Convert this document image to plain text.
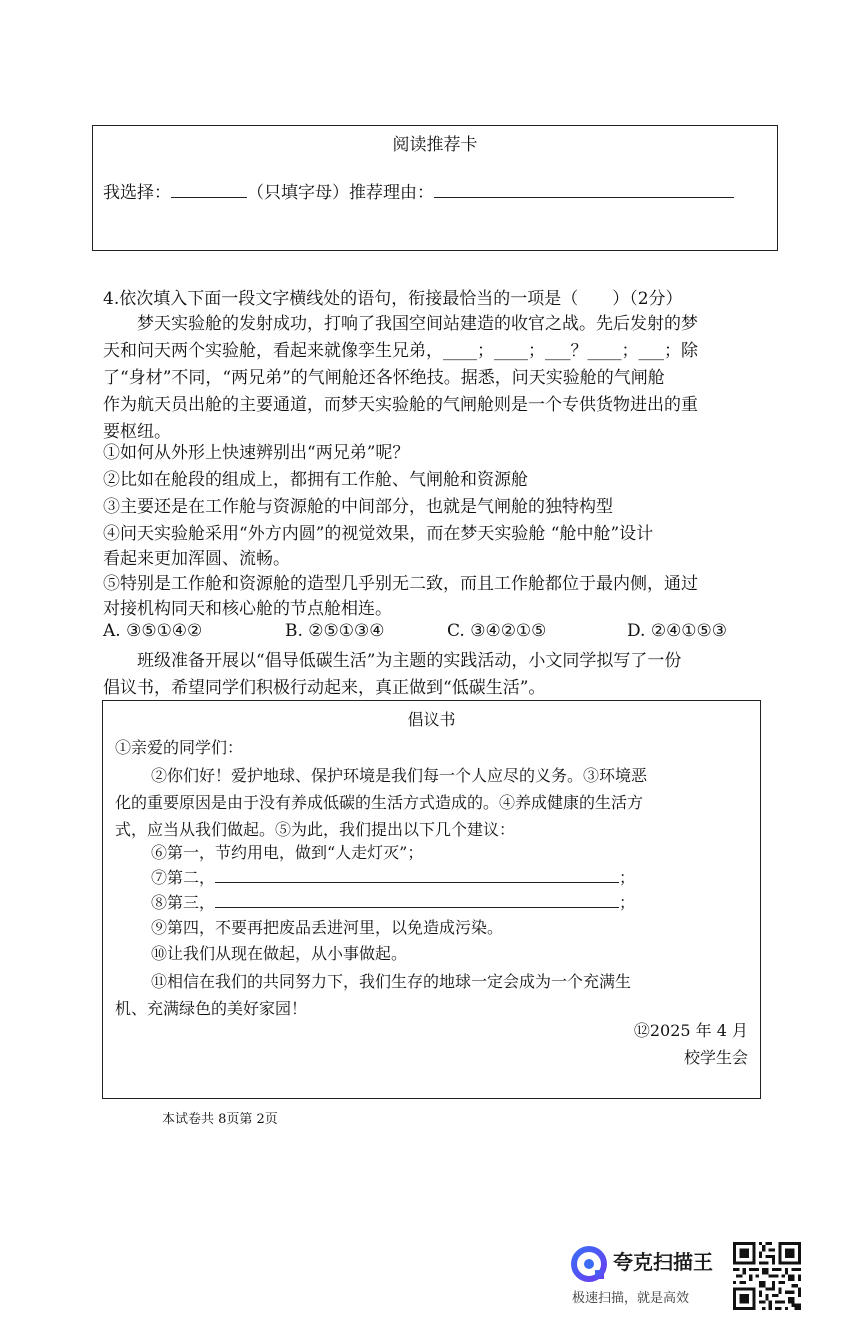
阅读推荐卡
我选择：	（只填字母）推荐理由：
4.依次填入下面一段文字横线处的语句，衔接最恰当的一项是（　　）（2分）
梦天实验舱的发射成功，打响了我国空间站建造的收官之战。先后发射的梦
天和问天两个实验舱，看起来就像孪生兄弟，____；____；___？____；___；除
了“身材”不同，“两兄弟”的气闸舱还各怀绝技。据悉，问天实验舱的气闸舱
作为航天员出舱的主要通道，而梦天实验舱的气闸舱则是一个专供货物进出的重
要枢纽。
①如何从外形上快速辨别出“两兄弟”呢？
②比如在舱段的组成上，都拥有工作舱、气闸舱和资源舱
③主要还是在工作舱与资源舱的中间部分，也就是气闸舱的独特构型
④问天实验舱采用“外方内圆”的视觉效果，而在梦天实验舱 “舱中舱”设计
看起来更加浑圆、流畅。
⑤特别是工作舱和资源舱的造型几乎别无二致，而且工作舱都位于最内侧，通过
对接机构同天和核心舱的节点舱相连。
A. ③⑤①④②	B. ②⑤①③④	C. ③④②①⑤	D. ②④①⑤③
班级准备开展以“倡导低碳生活”为主题的实践活动，小文同学拟写了一份
倡议书，希望同学们积极行动起来，真正做到“低碳生活”。
倡议书
①亲爱的同学们：
②你们好！爱护地球、保护环境是我们每一个人应尽的义务。③环境恶
化的重要原因是由于没有养成低碳的生活方式造成的。④养成健康的生活方
式，应当从我们做起。⑤为此，我们提出以下几个建议：
⑥第一，节约用电，做到“人走灯灭”；
⑦第二，	；
⑧第三，	；
⑨第四，不要再把废品丢进河里，以免造成污染。
⑩让我们从现在做起，从小事做起。
⑪相信在我们的共同努力下，我们生存的地球一定会成为一个充满生
机、充满绿色的美好家园！
⑫2025 年 4 月
校学生会
本试卷共 8页第 2页
夸克扫描王
极速扫描，就是高效
